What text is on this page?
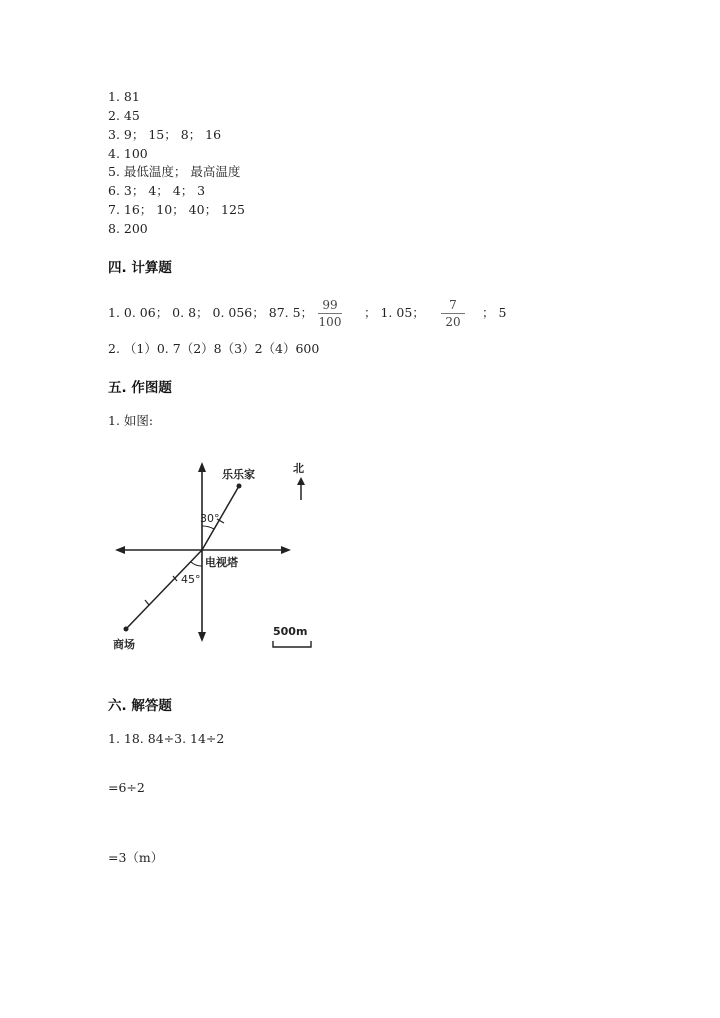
1. 81
2. 45
3. 9； 15； 8； 16
4. 100
5. 最低温度； 最高温度
6. 3； 4； 4； 3
7. 16； 10； 40； 125
8. 200
四. 计算题
1. 0. 06； 0. 8； 0. 056； 87. 5； 99
100
； 1. 05； 7
20
； 5
2. （1）0. 7（2）8（3）2（4）600
五. 作图题
1. 如图:
30°
45°
乐乐家
电视塔
商场
北
500m
六. 解答题
1. 18. 84÷3. 14÷2
=6÷2
=3（m）
